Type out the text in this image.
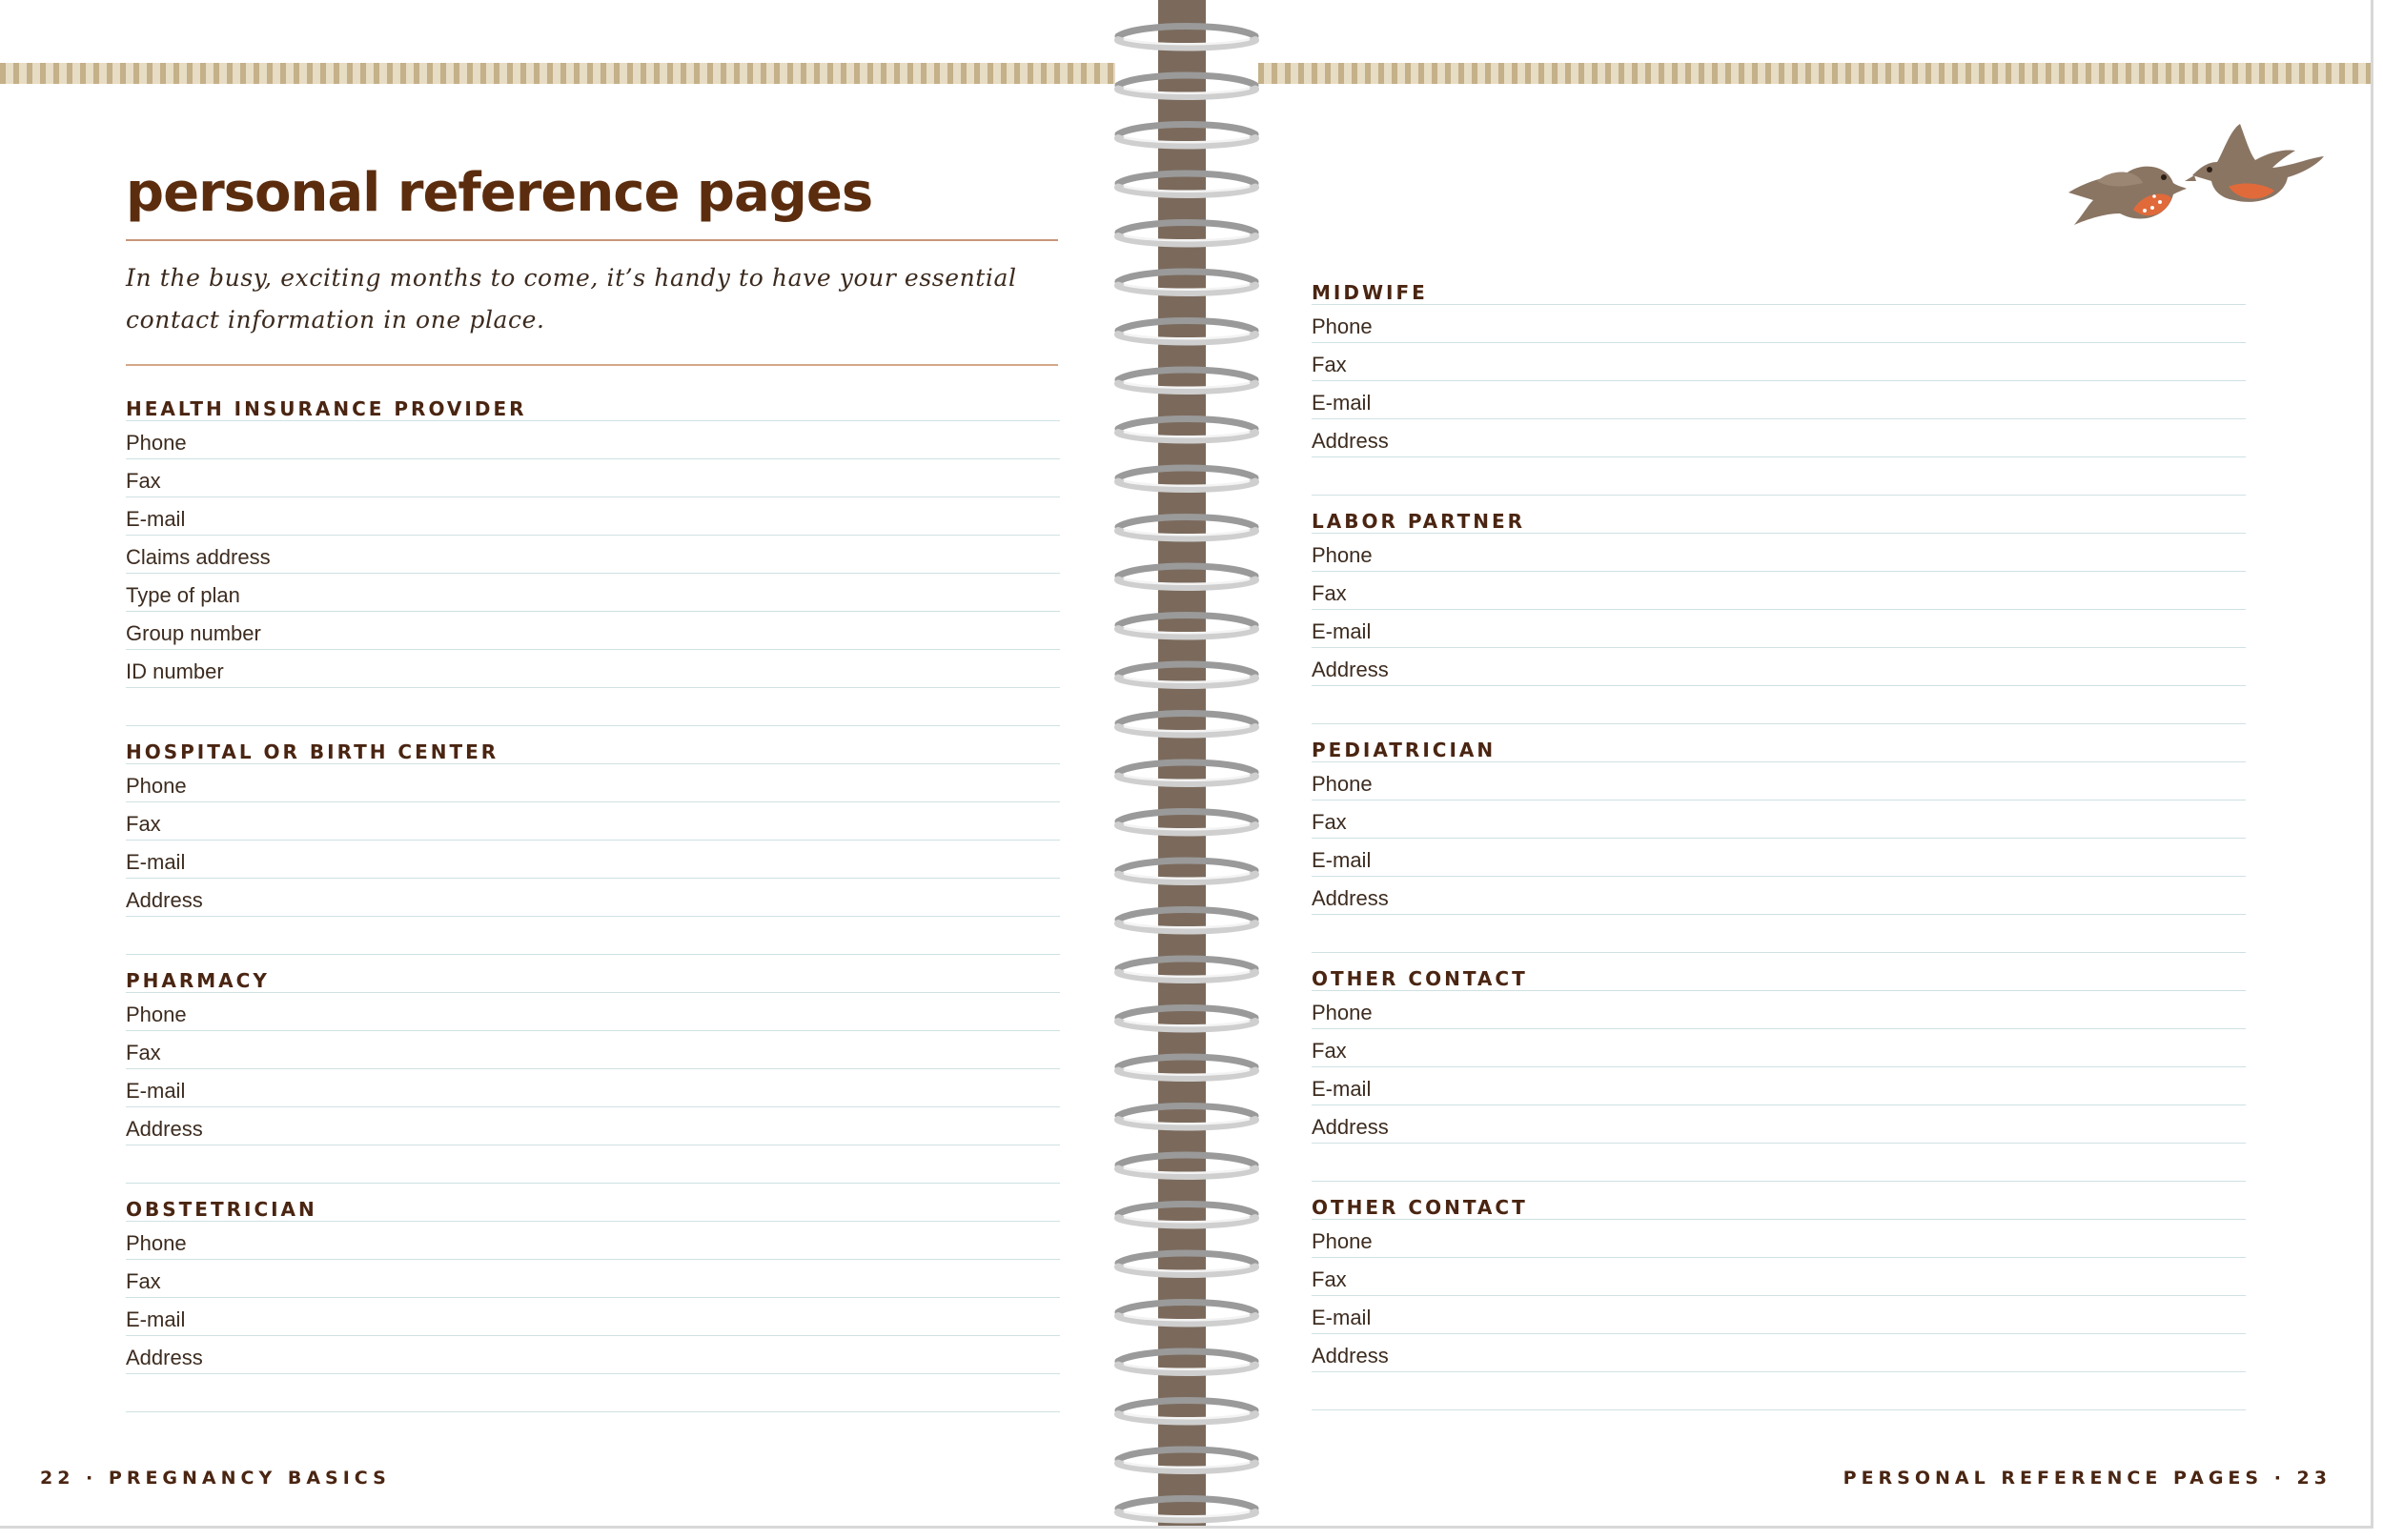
personal reference pages

In the busy, exciting months to come, it’s handy to have your essential contact information in one place.

HEALTH INSURANCE PROVIDER
Phone
Fax
E-mail
Claims address
Type of plan
Group number
ID number
HOSPITAL OR BIRTH CENTER
Phone
Fax
E-mail
Address
PHARMACY
Phone
Fax
E-mail
Address
OBSTETRICIAN
Phone
Fax
E-mail
Address
22 · PREGNANCY BASICS
MIDWIFE
Phone
Fax
E-mail
Address
LABOR PARTNER
Phone
Fax
E-mail
Address
PEDIATRICIAN
Phone
Fax
E-mail
Address
OTHER CONTACT
Phone
Fax
E-mail
Address
OTHER CONTACT
Phone
Fax
E-mail
Address
PERSONAL REFERENCE PAGES · 23
